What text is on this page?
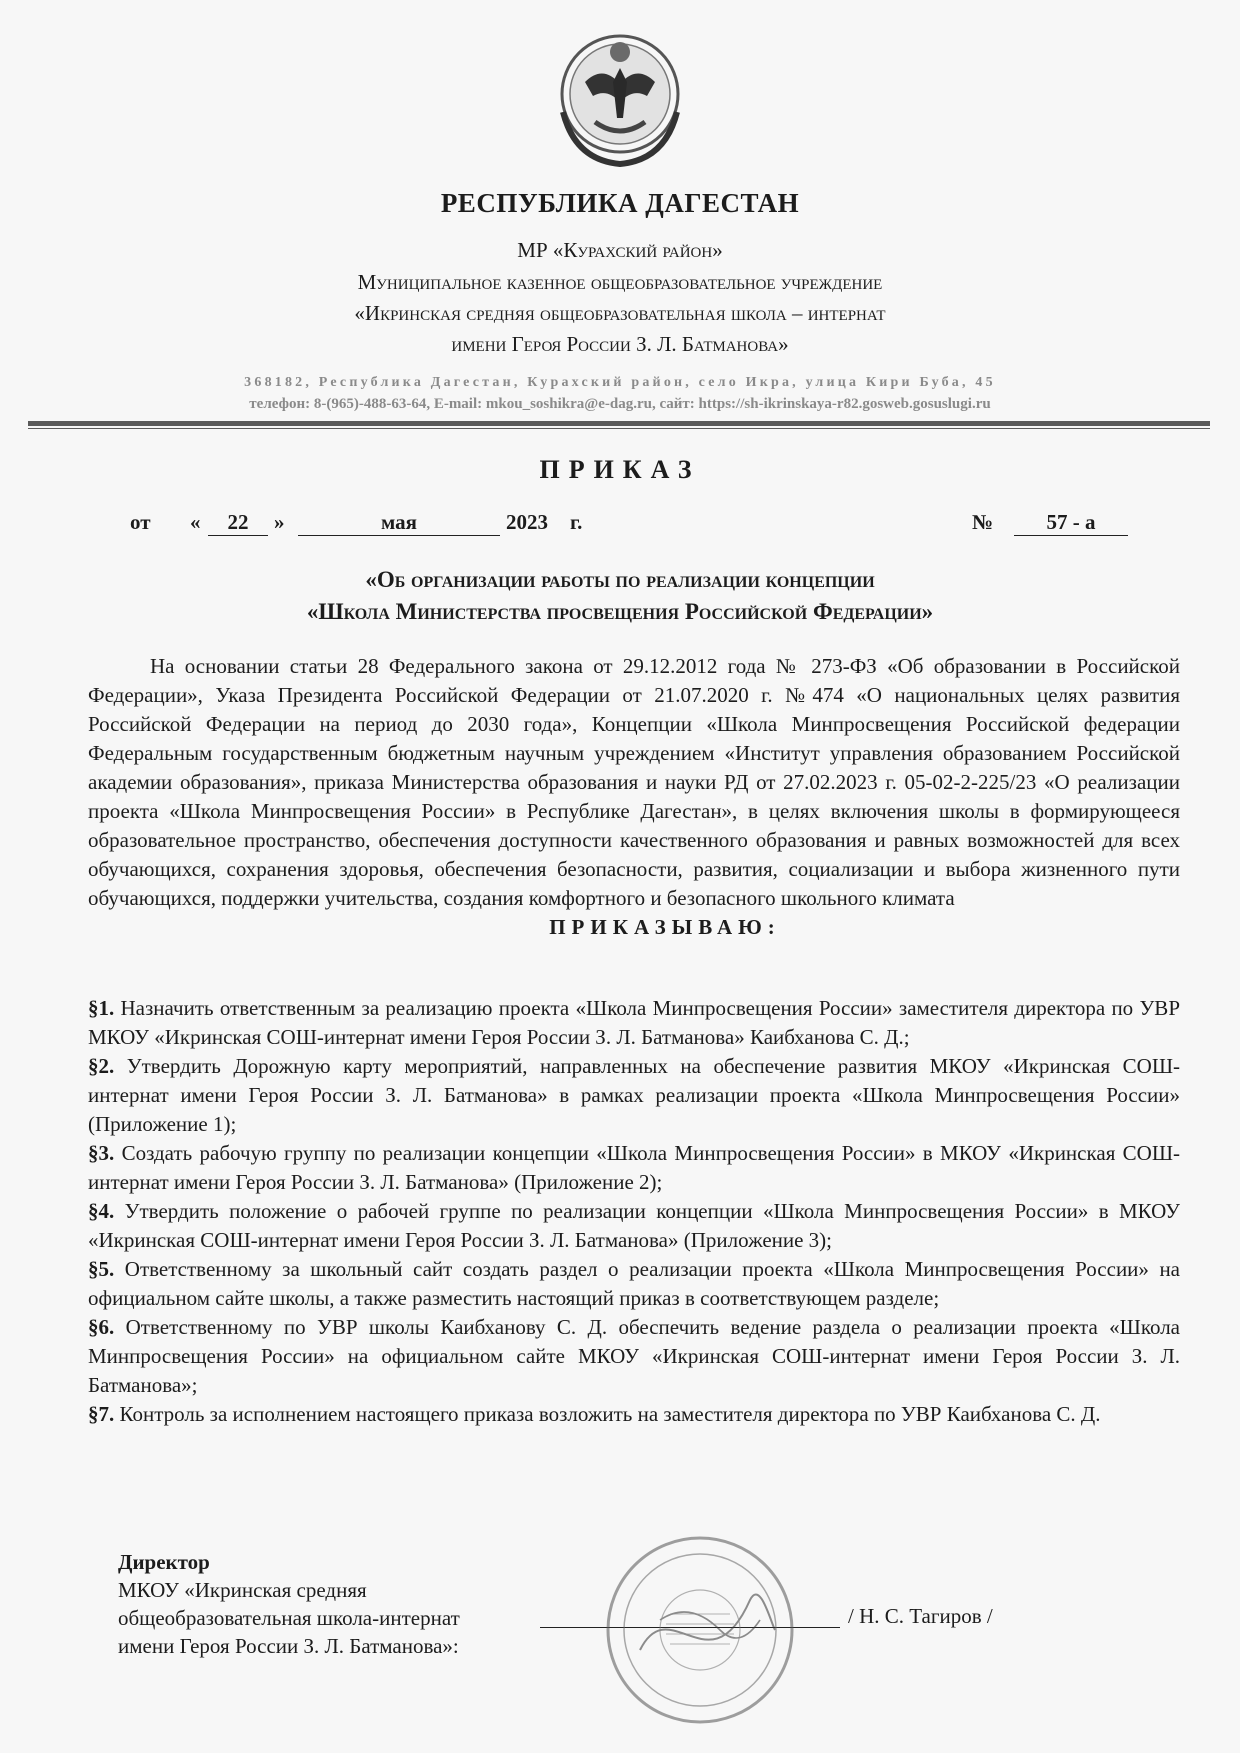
РЕСПУБЛИКА ДАГЕСТАН
МР «Курахский район»
Муниципальное казенное общеобразовательное учреждение
«Икринская средняя общеобразовательная школа – интернат
имени Героя России З. Л. Батманова»
368182, Республика Дагестан, Курахский район, село Икра, улица Кири Буба, 45
телефон: 8-(965)-488-63-64, E-mail: mkou_soshikra@e-dag.ru, сайт: https://sh-ikrinskaya-r82.gosweb.gosuslugi.ru
ПРИКАЗ
от «	22	»	мая	2023 г.	№	57 - а
«Об организации работы по реализации концепции
«Школа Министерства просвещения Российской Федерации»

На основании статьи 28 Федерального закона от 29.12.2012 года № 273-ФЗ «Об образовании в Российской Федерации», Указа Президента Российской Федерации от 21.07.2020 г. №474 «О национальных целях развития Российской Федерации на период до 2030 года», Концепции «Школа Минпросвещения Российской федерации Федеральным государственным бюджетным научным учреждением «Институт управления образованием Российской академии образования», приказа Министерства образования и науки РД от 27.02.2023 г. 05-02-2-225/23 «О реализации проекта «Школа Минпросвещения России» в Республике Дагестан», в целях включения школы в формирующееся образовательное пространство, обеспечения доступности качественного образования и равных возможностей для всех обучающихся, сохранения здоровья, обеспечения безопасности, развития, социализации и выбора жизненного пути обучающихся, поддержки учительства, создания комфортного и безопасного школьного климата

ПРИКАЗЫВАЮ:

§1. Назначить ответственным за реализацию проекта «Школа Минпросвещения России» заместителя директора по УВР МКОУ «Икринская СОШ-интернат имени Героя России З. Л. Батманова» Каибханова С. Д.;

§2. Утвердить Дорожную карту мероприятий, направленных на обеспечение развития МКОУ «Икринская СОШ-интернат имени Героя России З. Л. Батманова» в рамках реализации проекта «Школа Минпросвещения России» (Приложение 1);

§3. Создать рабочую группу по реализации концепции «Школа Минпросвещения России» в МКОУ «Икринская СОШ-интернат имени Героя России З. Л. Батманова» (Приложение 2);

§4. Утвердить положение о рабочей группе по реализации концепции «Школа Минпросвещения России» в МКОУ «Икринская СОШ-интернат имени Героя России З. Л. Батманова» (Приложение 3);

§5. Ответственному за школьный сайт создать раздел о реализации проекта «Школа Минпросвещения России» на официальном сайте школы, а также разместить настоящий приказ в соответствующем разделе;

§6. Ответственному по УВР школы Каибханову С. Д. обеспечить ведение раздела о реализации проекта «Школа Минпросвещения России» на официальном сайте МКОУ «Икринская СОШ-интернат имени Героя России З. Л. Батманова»;

§7. Контроль за исполнением настоящего приказа возложить на заместителя директора по УВР Каибханова С. Д.

Директор
МКОУ «Икринская средняя
общеобразовательная школа-интернат
имени Героя России З. Л. Батманова»:
/ Н. С. Тагиров /
